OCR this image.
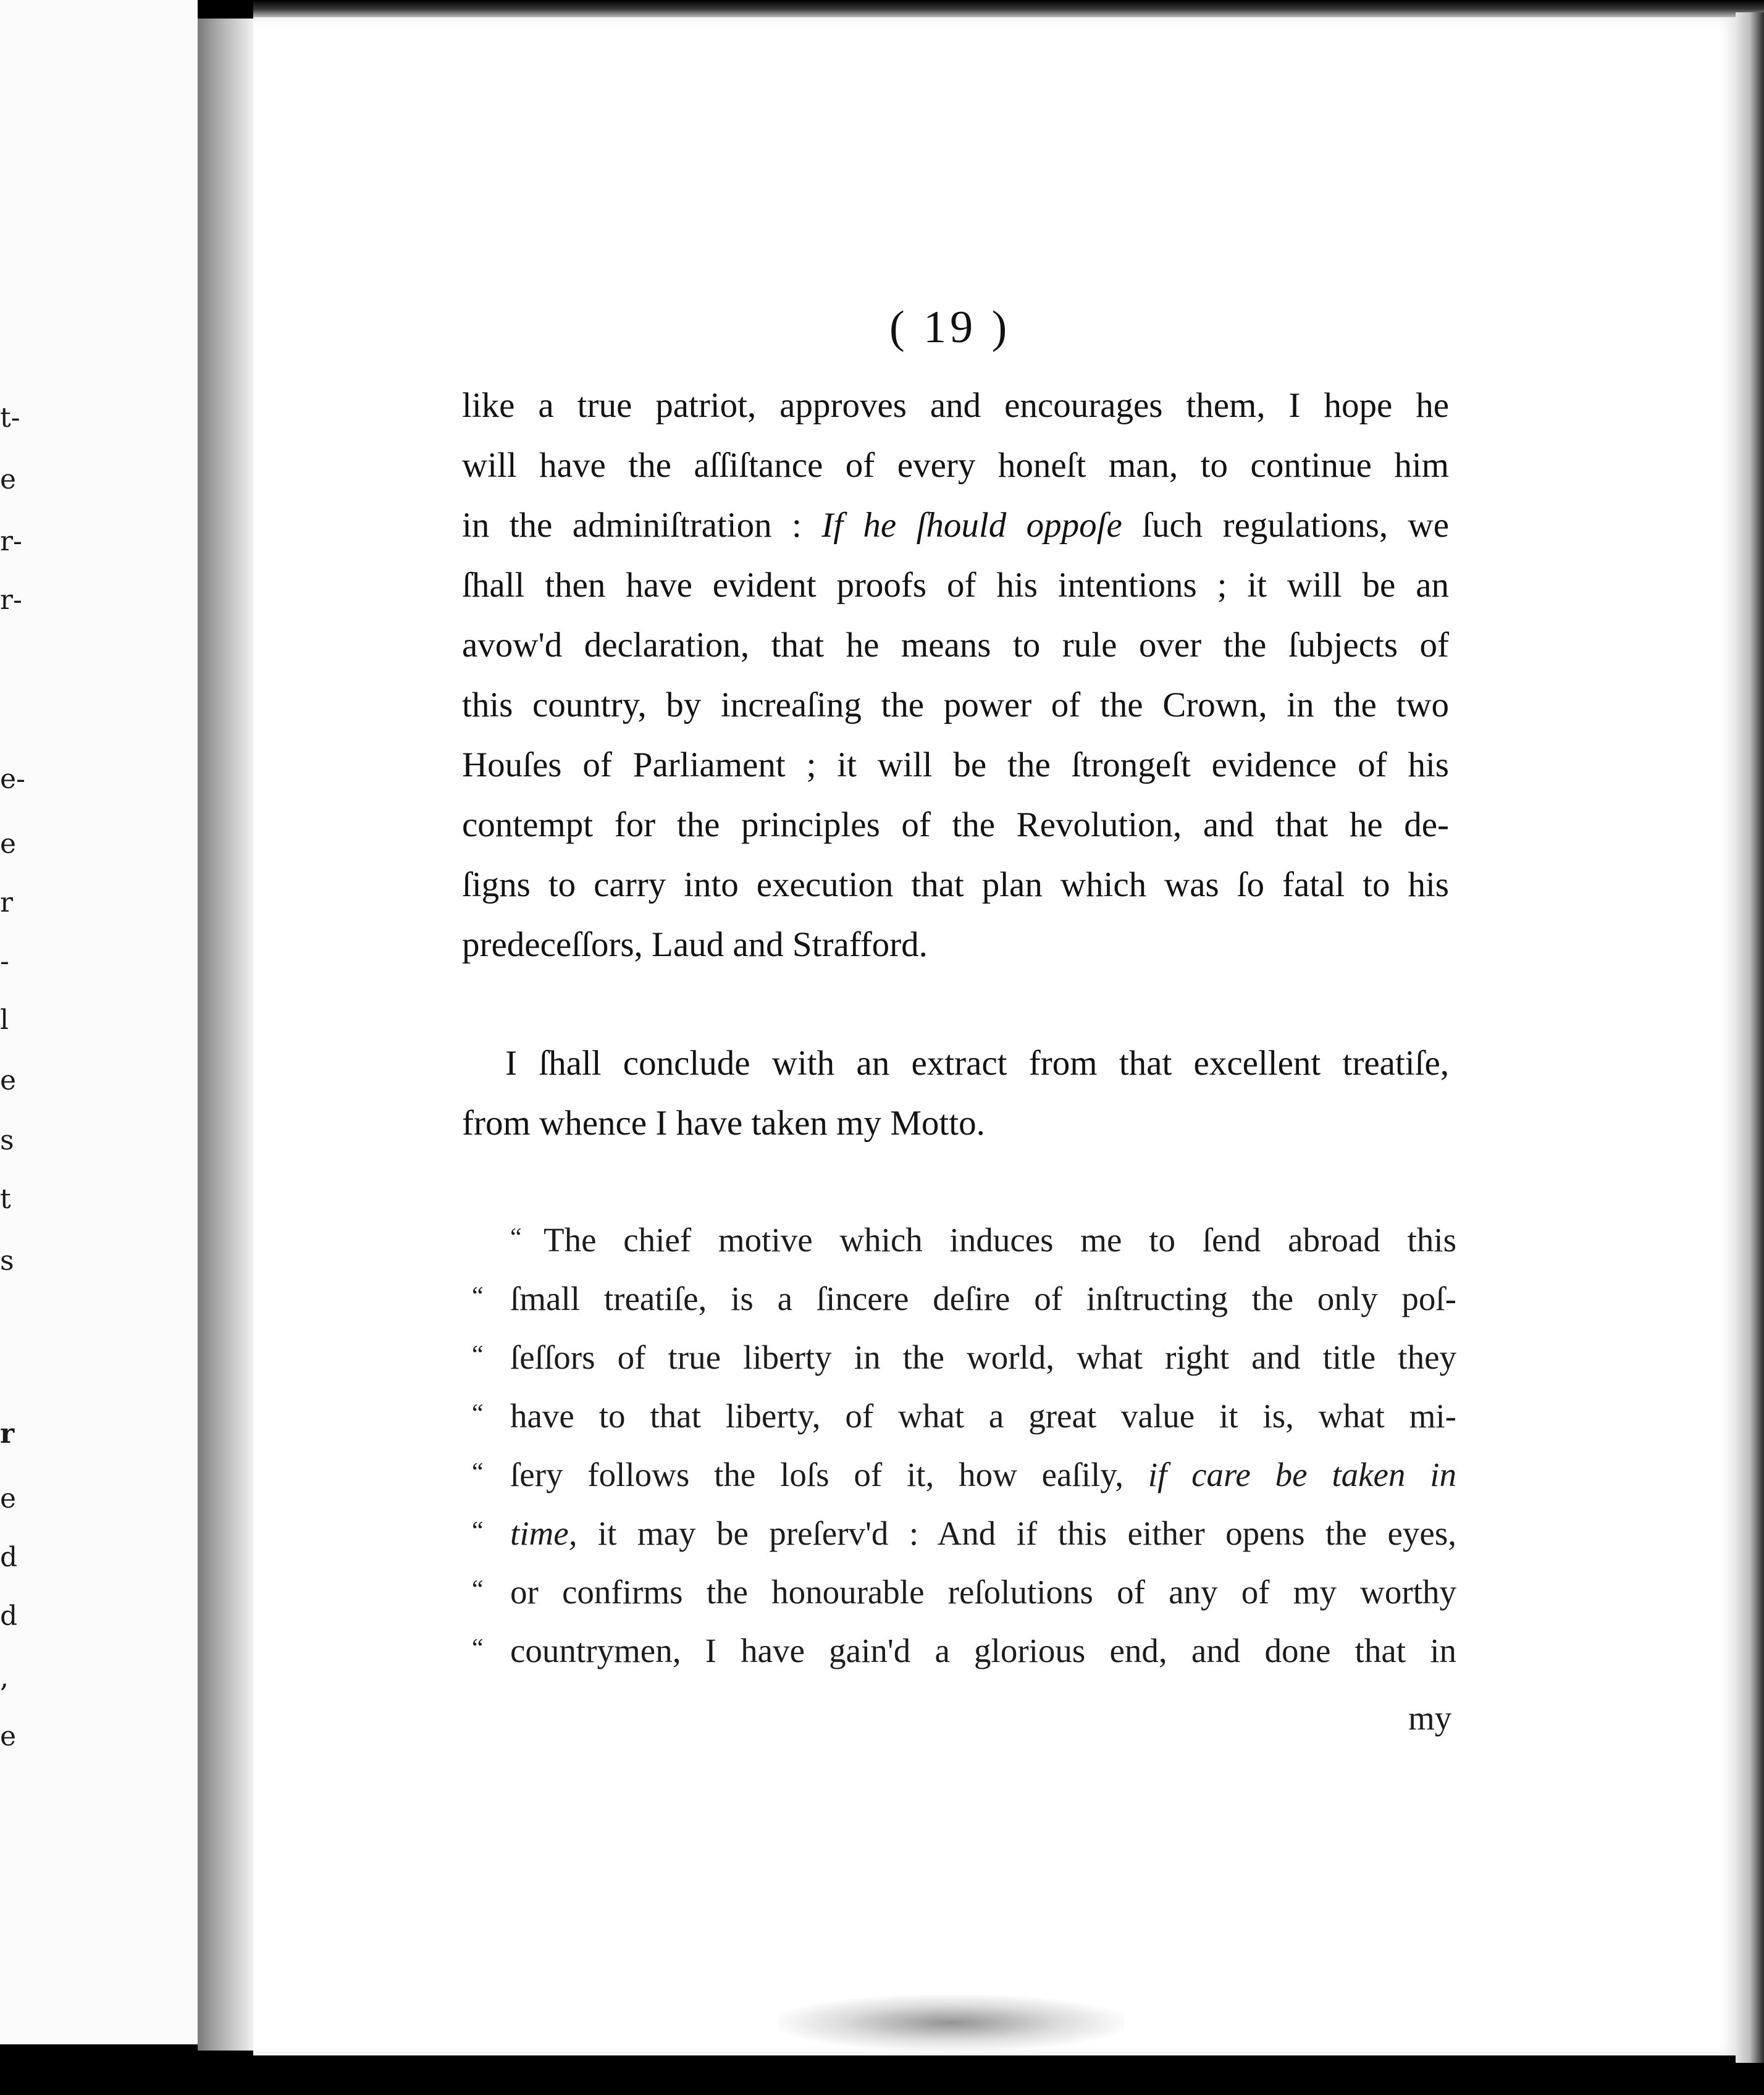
t-
e
r-
r-
e-
e
r
-
l
e
s
t
s
r
e
d
d
,
e
( 19 )
like a true patriot, approves and encourages them, I hope he
will have the aſſiſtance of every honeſt man, to continue him
in the adminiſtration : If he ſhould oppoſe ſuch regulations, we
ſhall then have evident proofs of his intentions ; it will be an
avow'd declaration, that he means to rule over the ſubjects of
this country, by increaſing the power of the Crown, in the two
Houſes of Parliament ; it will be the ſtrongeſt evidence of his
contempt for the principles of the Revolution, and that he de-
ſigns to carry into execution that plan which was ſo fatal to his
predeceſſors, Laud and Strafford.
I ſhall conclude with an extract from that excellent treatiſe,
from whence I have taken my Motto.
“ The chief motive which induces me to ſend abroad this
“ ſmall treatiſe, is a ſincere deſire of inſtructing the only poſ-
“ ſeſſors of true liberty in the world, what right and title they
“ have to that liberty, of what a great value it is, what mi-
“ ſery follows the loſs of it, how eaſily, if care be taken in
“ time, it may be preſerv'd : And if this either opens the eyes,
“ or confirms the honourable reſolutions of any of my worthy
“ countrymen, I have gain'd a glorious end, and done that in
my
